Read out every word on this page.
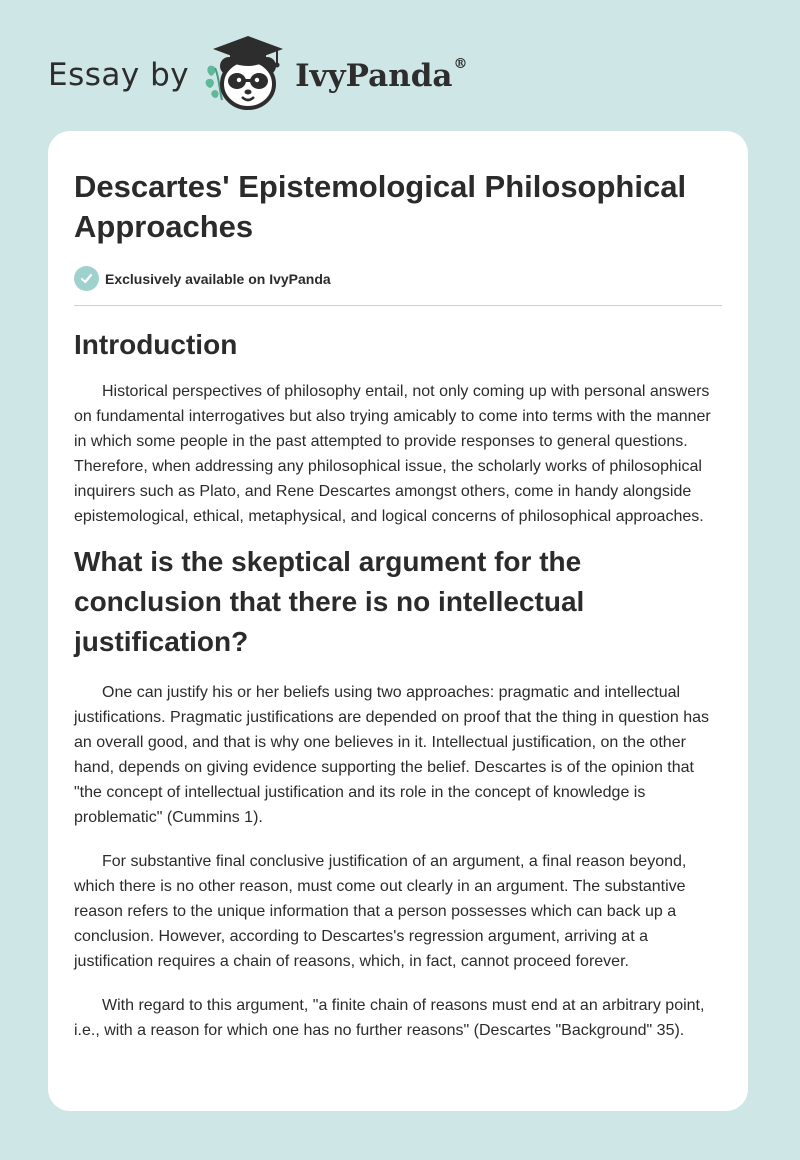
Essay by	IvyPanda®
Descartes' Epistemological Philosophical Approaches
Exclusively available on IvyPanda
Introduction

Historical perspectives of philosophy entail, not only coming up with personal answers on fundamental interrogatives but also trying amicably to come into terms with the manner in which some people in the past attempted to provide responses to general questions. Therefore, when addressing any philosophical issue, the scholarly works of philosophical inquirers such as Plato, and Rene Descartes amongst others, come in handy alongside epistemological, ethical, metaphysical, and logical concerns of philosophical approaches.

What is the skeptical argument for the conclusion that there is no intellectual justification?

One can justify his or her beliefs using two approaches: pragmatic and intellectual justifications. Pragmatic justifications are depended on proof that the thing in question has an overall good, and that is why one believes in it. Intellectual justification, on the other hand, depends on giving evidence supporting the belief. Descartes is of the opinion that "the concept of intellectual justification and its role in the concept of knowledge is problematic" (Cummins 1).

For substantive final conclusive justification of an argument, a final reason beyond, which there is no other reason, must come out clearly in an argument. The substantive reason refers to the unique information that a person possesses which can back up a conclusion. However, according to Descartes's regression argument, arriving at a justification requires a chain of reasons, which, in fact, cannot proceed forever.

With regard to this argument, "a finite chain of reasons must end at an arbitrary point, i.e., with a reason for which one has no further reasons" (Descartes "Background" 35).
